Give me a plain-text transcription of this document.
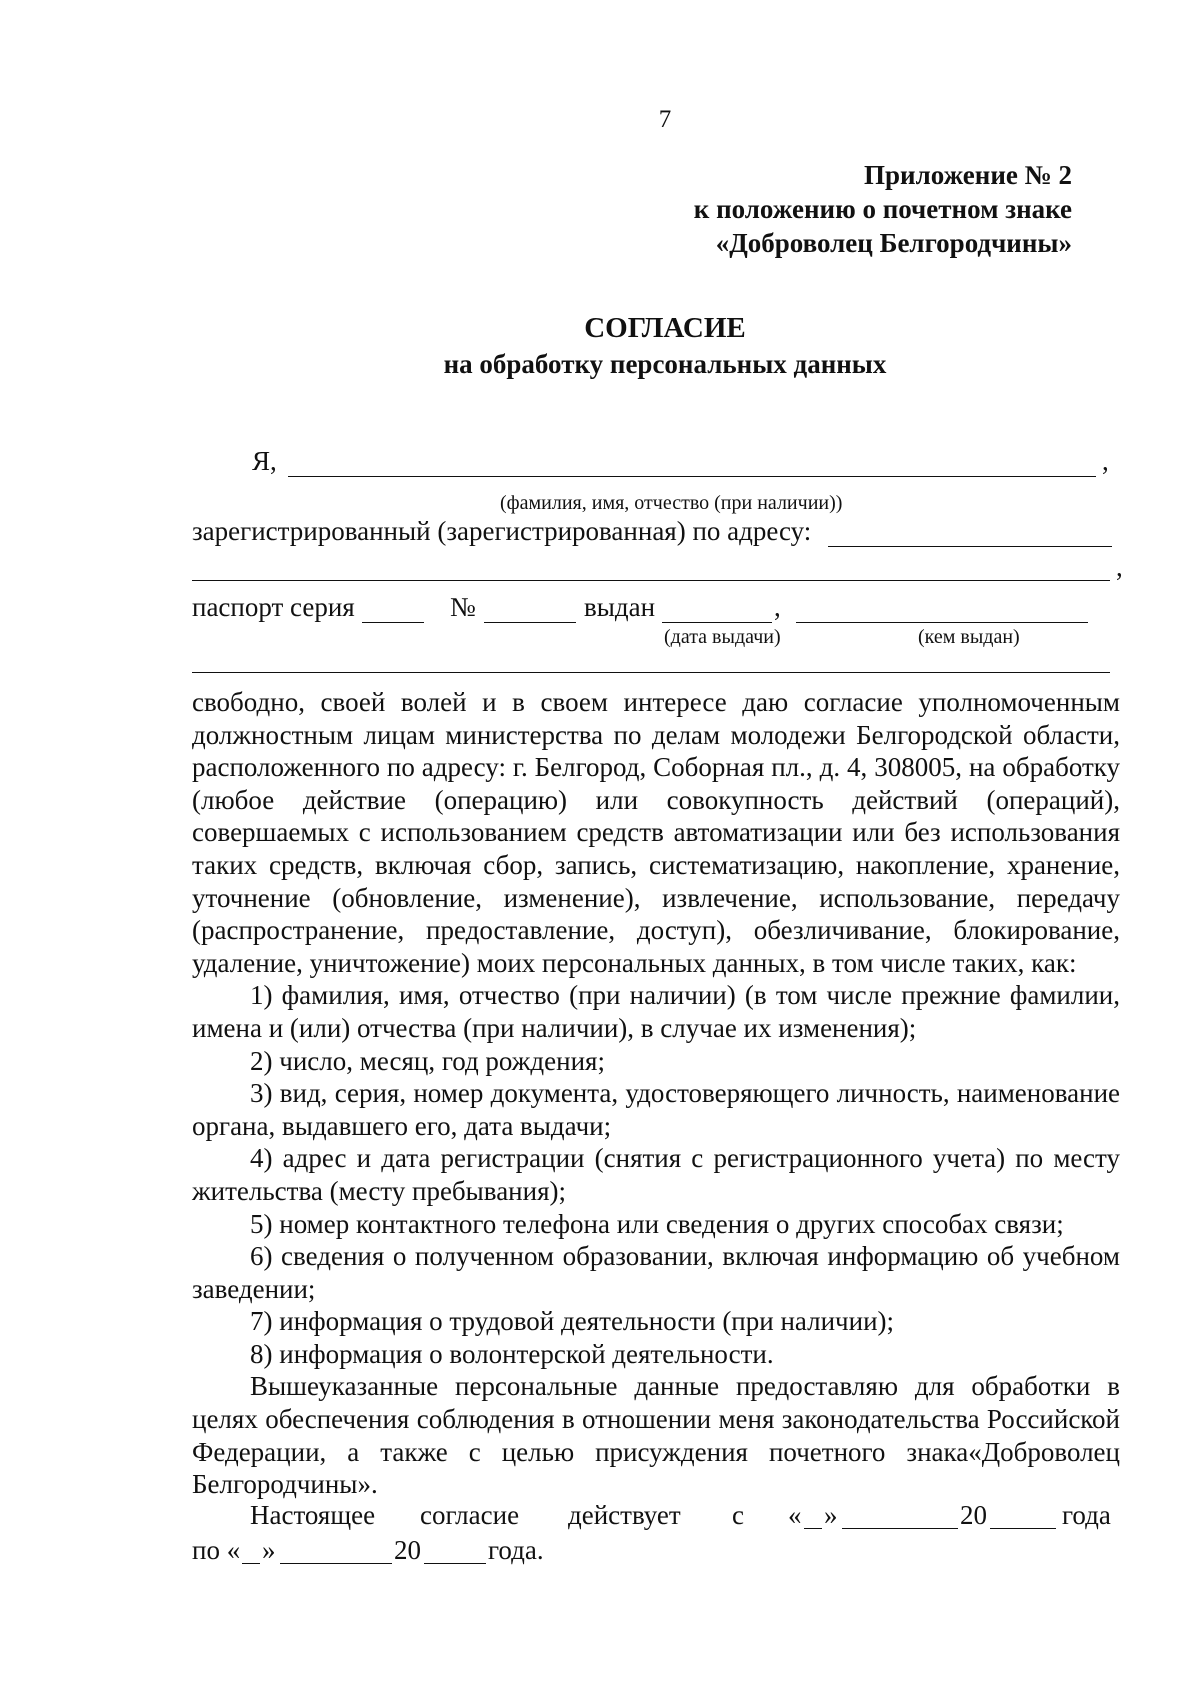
7
Приложение № 2
к положению о почетном знаке
«Доброволец Белгородчины»
СОГЛАСИЕ
на обработку персональных данных
Я,	,
(фамилия, имя, отчество (при наличии))
зарегистрированный (зарегистрированная) по адресу:
,
паспорт серия	№	выдан	,
(дата выдачи)	(кем выдан)

свободно, своей волей и в своем интересе даю согласие уполномоченным должностным лицам министерства по делам молодежи Белгородской области, расположенного по адресу: г. Белгород, Соборная пл., д. 4, 308005, на обработку (любое действие (операцию) или совокупность действий (операций), совершаемых с использованием средств автоматизации или без использования таких средств, включая сбор, запись, систематизацию, накопление, хранение, уточнение (обновление, изменение), извлечение, использование, передачу (распространение, предоставление, доступ), обезличивание, блокирование, удаление, уничтожение) моих персональных данных, в том числе таких, как:

1) фамилия, имя, отчество (при наличии) (в том числе прежние фамилии, имена и (или) отчества (при наличии), в случае их изменения);

2) число, месяц, год рождения;

3) вид, серия, номер документа, удостоверяющего личность, наименование органа, выдавшего его, дата выдачи;

4) адрес и дата регистрации (снятия с регистрационного учета) по месту жительства (месту пребывания);

5) номер контактного телефона или сведения о других способах связи;

6) сведения о полученном образовании, включая информацию об учебном заведении;

7) информация о трудовой деятельности (при наличии);

8) информация о волонтерской деятельности.

Вышеуказанные персональные данные предоставляю для обработки в целях обеспечения соблюдения в отношении меня законодательства Российской Федерации, а также с целью присуждения почетного знака«Доброволец Белгородчины».

Настоящее согласие действует с « »	20	года
по « »	20 года.
